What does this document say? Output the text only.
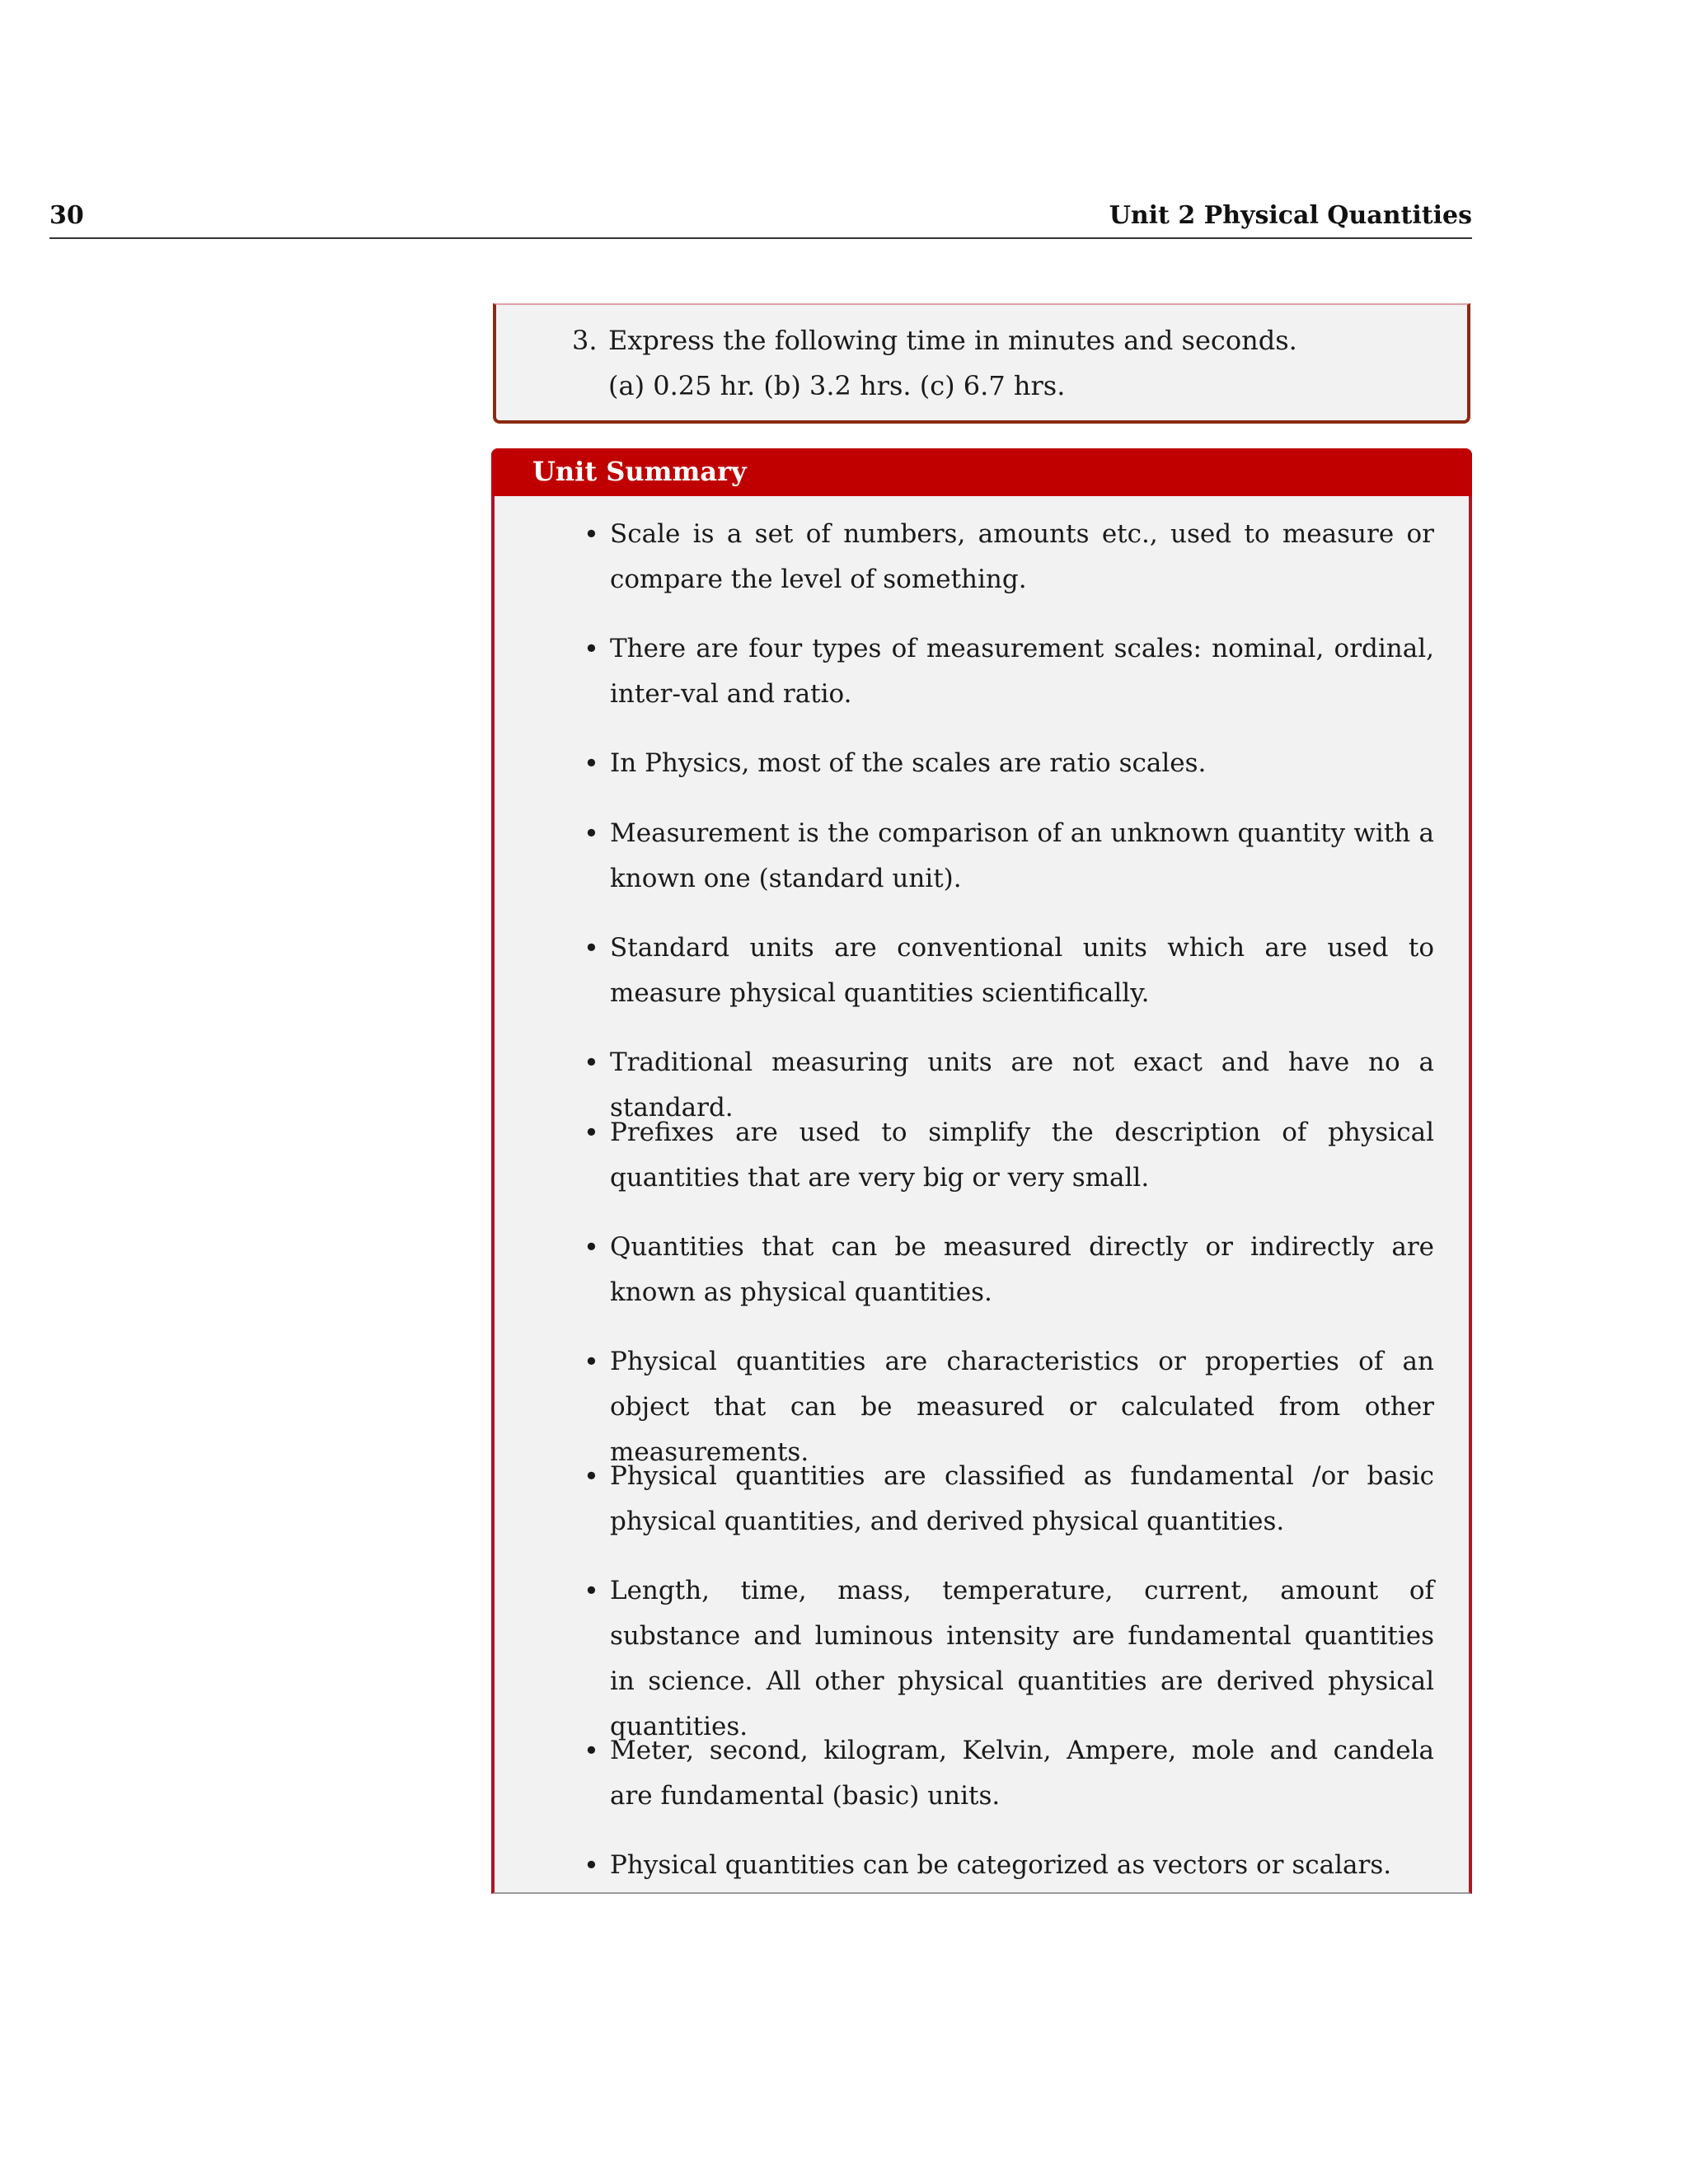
30	Unit 2 Physical Quantities
3. Express the following time in minutes and seconds.
(a) 0.25 hr. (b) 3.2 hrs. (c) 6.7 hrs.
Unit Summary
• Scale is a set of numbers, amounts etc., used to measure or compare the level of something.
• There are four types of measurement scales: nominal, ordinal, inter-val and ratio.
• In Physics, most of the scales are ratio scales.
• Measurement is the comparison of an unknown quantity with a known one (standard unit).
• Standard units are conventional units which are used to measure physical quantities scientifically.
• Traditional measuring units are not exact and have no a standard.
• Prefixes are used to simplify the description of physical quantities that are very big or very small.
• Quantities that can be measured directly or indirectly are known as physical quantities.
• Physical quantities are characteristics or properties of an object that can be measured or calculated from other measurements.
• Physical quantities are classified as fundamental /or basic physical quantities, and derived physical quantities.
• Length, time, mass, temperature, current, amount of substance and luminous intensity are fundamental quantities in science. All other physical quantities are derived physical quantities.
• Meter, second, kilogram, Kelvin, Ampere, mole and candela are fundamental (basic) units.
• Physical quantities can be categorized as vectors or scalars.
